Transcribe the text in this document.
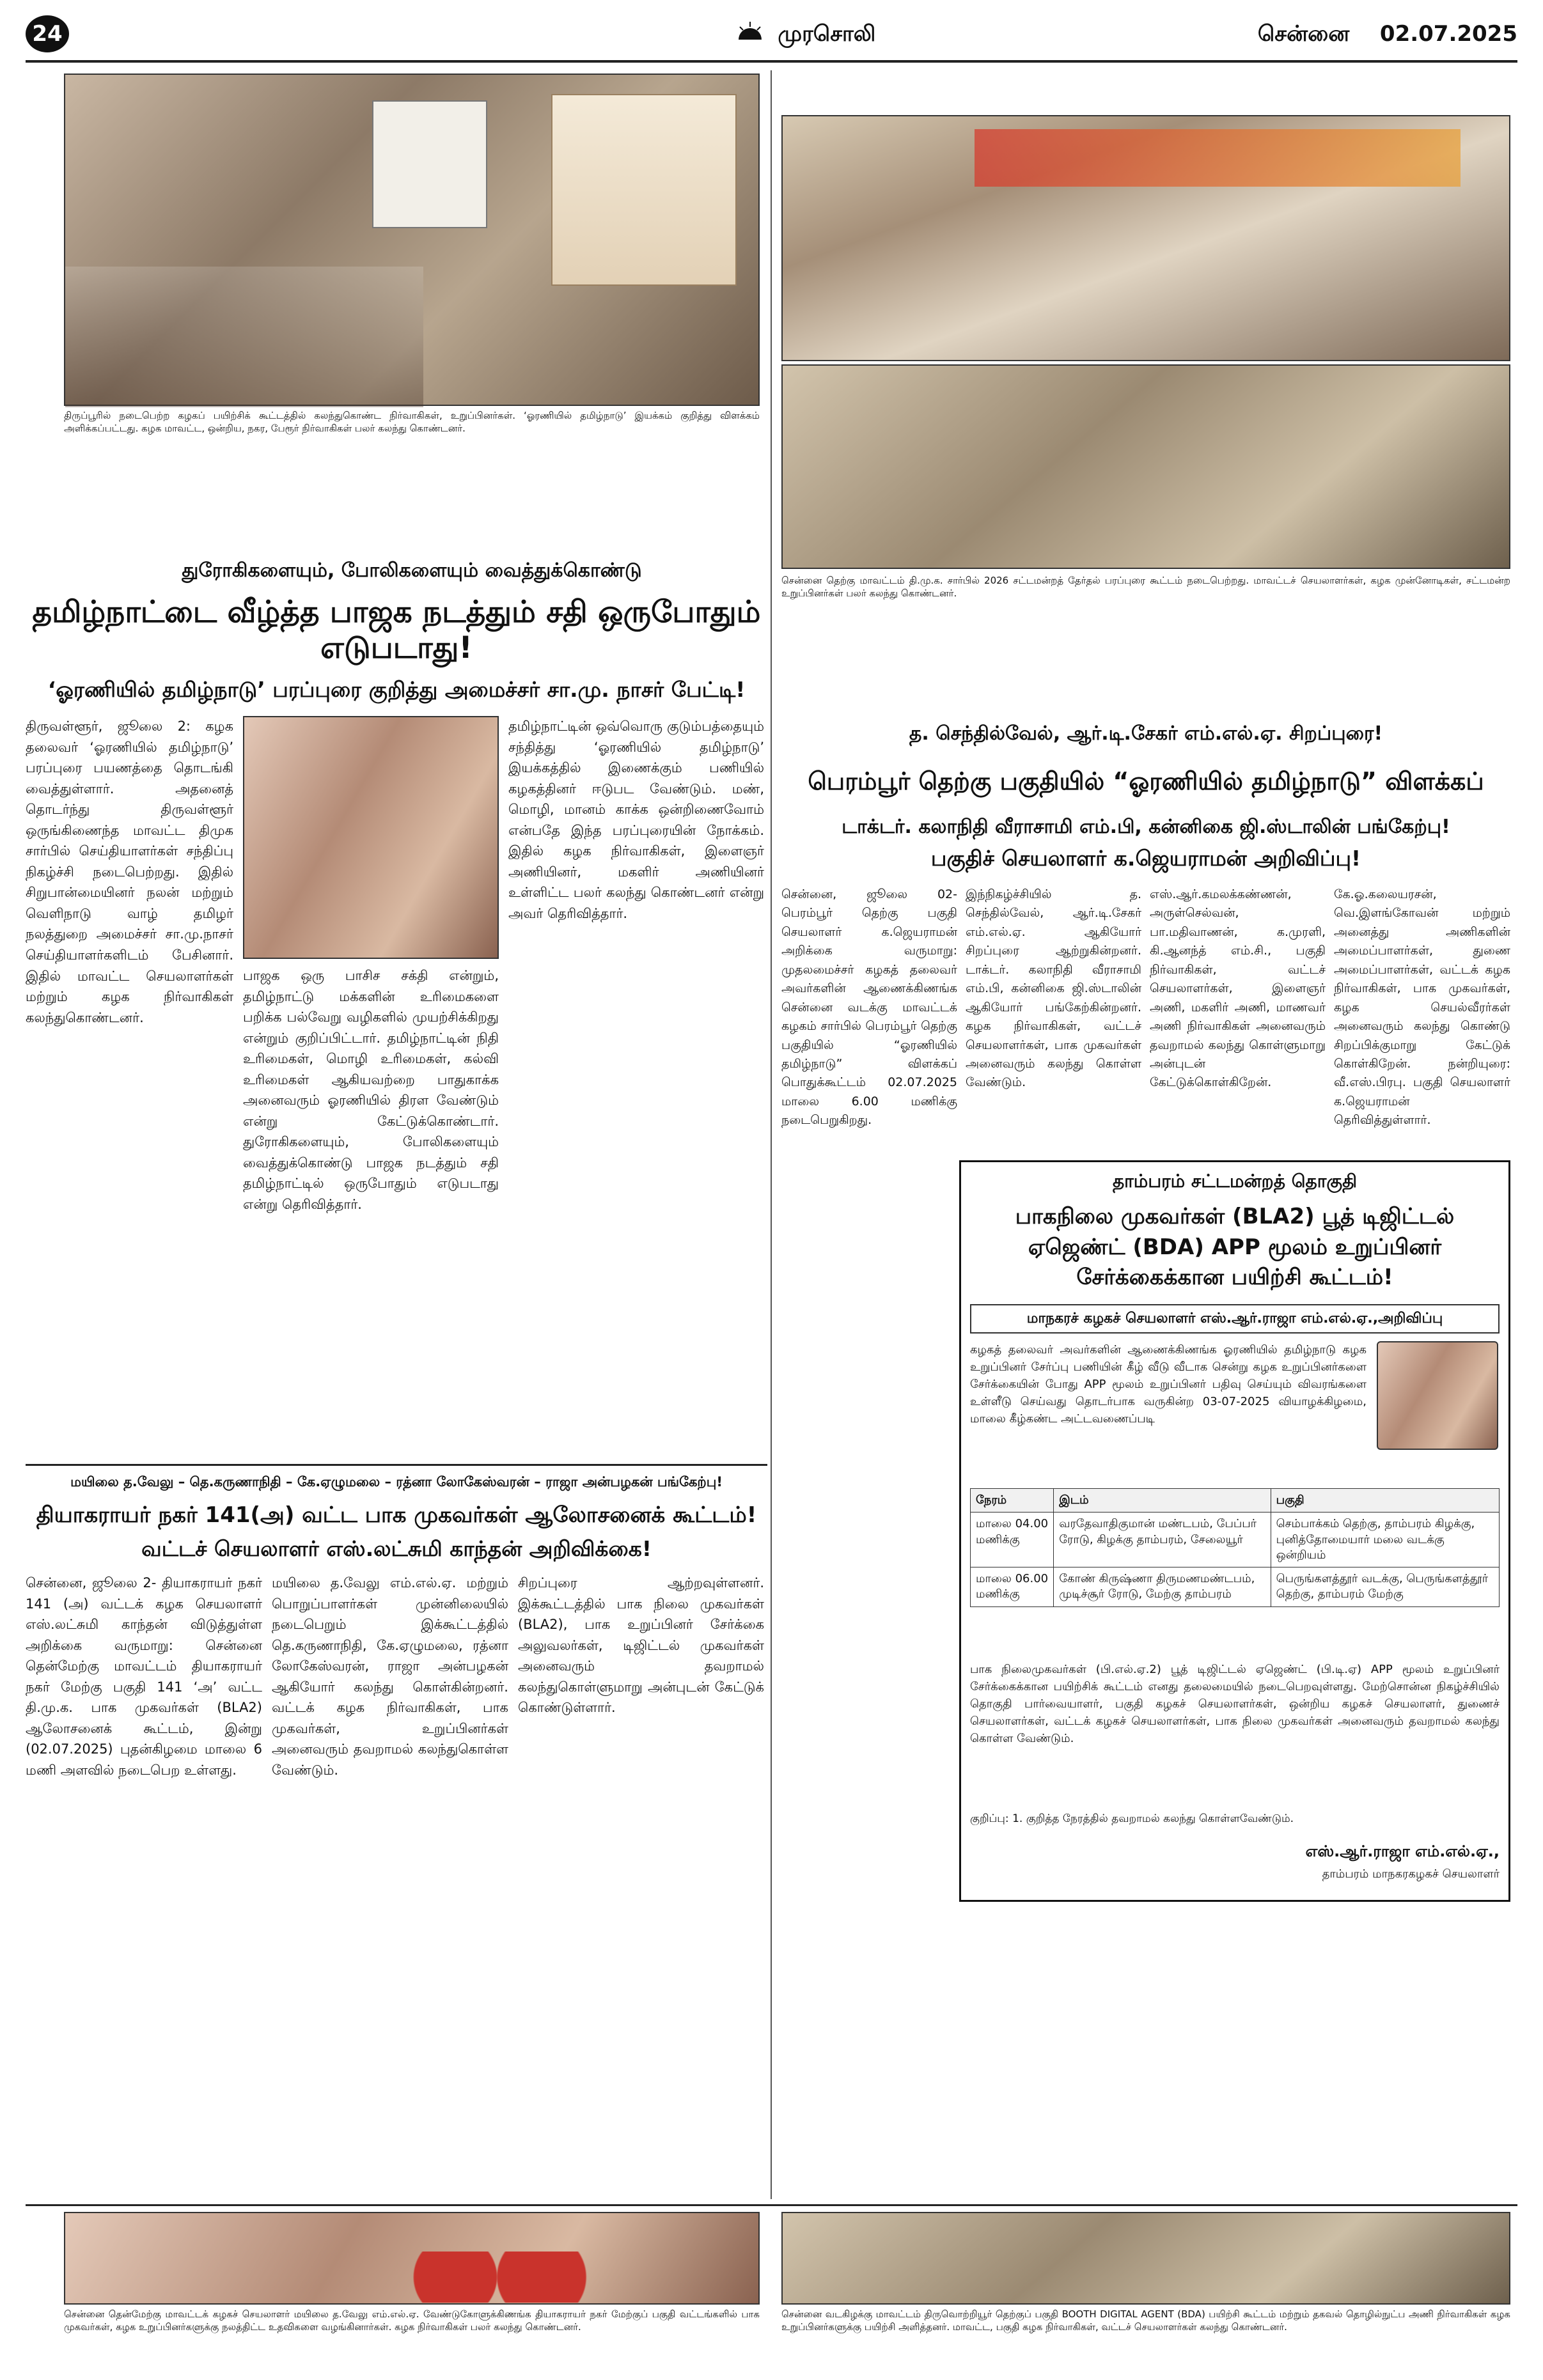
24	முரசொலி	சென்னை 02.07.2025
திருப்பூரில் நடைபெற்ற கழகப் பயிற்சிக் கூட்டத்தில் கலந்துகொண்ட நிர்வாகிகள், உறுப்பினர்கள். ‘ஓரணியில் தமிழ்நாடு’ இயக்கம் குறித்து விளக்கம் அளிக்கப்பட்டது. கழக மாவட்ட, ஒன்றிய, நகர, பேரூர் நிர்வாகிகள் பலர் கலந்து கொண்டனர்.
சென்னை தெற்கு மாவட்டம் தி.மு.க. சார்பில் 2026 சட்டமன்றத் தேர்தல் பரப்புரை கூட்டம் நடைபெற்றது. மாவட்டச் செயலாளர்கள், கழக முன்னோடிகள், சட்டமன்ற உறுப்பினர்கள் பலர் கலந்து கொண்டனர்.
துரோகிகளையும், போலிகளையும் வைத்துக்கொண்டு
தமிழ்நாட்டை வீழ்த்த பாஜக நடத்தும் சதி ஒருபோதும் எடுபடாது!
‘ஓரணியில் தமிழ்நாடு’ பரப்புரை குறித்து அமைச்சர் சா.மு. நாசர் பேட்டி!
திருவள்ளூர், ஜூலை 2: கழக தலைவர் ‘ஓரணியில் தமிழ்நாடு’ பரப்புரை பயணத்தை தொடங்கி வைத்துள்ளார். அதனைத் தொடர்ந்து திருவள்ளூர் ஒருங்கிணைந்த மாவட்ட திமுக சார்பில் செய்தியாளர்கள் சந்திப்பு நிகழ்ச்சி நடைபெற்றது. இதில் சிறுபான்மையினர் நலன் மற்றும் வெளிநாடு வாழ் தமிழர் நலத்துறை அமைச்சர் சா.மு.நாசர் செய்தியாளர்களிடம் பேசினார். இதில் மாவட்ட செயலாளர்கள் மற்றும் கழக நிர்வாகிகள் கலந்துகொண்டனர்.
பாஜக ஒரு பாசிச சக்தி என்றும், தமிழ்நாட்டு மக்களின் உரிமைகளை பறிக்க பல்வேறு வழிகளில் முயற்சிக்கிறது என்றும் குறிப்பிட்டார். தமிழ்நாட்டின் நிதி உரிமைகள், மொழி உரிமைகள், கல்வி உரிமைகள் ஆகியவற்றை பாதுகாக்க அனைவரும் ஓரணியில் திரள வேண்டும் என்று கேட்டுக்கொண்டார். துரோகிகளையும், போலிகளையும் வைத்துக்கொண்டு பாஜக நடத்தும் சதி தமிழ்நாட்டில் ஒருபோதும் எடுபடாது என்று தெரிவித்தார்.
தமிழ்நாட்டின் ஒவ்வொரு குடும்பத்தையும் சந்தித்து ‘ஓரணியில் தமிழ்நாடு’ இயக்கத்தில் இணைக்கும் பணியில் கழகத்தினர் ஈடுபட வேண்டும். மண், மொழி, மானம் காக்க ஒன்றிணைவோம் என்பதே இந்த பரப்புரையின் நோக்கம். இதில் கழக நிர்வாகிகள், இளைஞர் அணியினர், மகளிர் அணியினர் உள்ளிட்ட பலர் கலந்து கொண்டனர் என்று அவர் தெரிவித்தார்.
மயிலை த.வேலு – தெ.கருணாநிதி – கே.ஏழுமலை – ரத்னா லோகேஸ்வரன் – ராஜா அன்பழகன் பங்கேற்பு!
தியாகராயர் நகர் 141(அ) வட்ட பாக முகவர்கள் ஆலோசனைக் கூட்டம்!
வட்டச் செயலாளர் எஸ்.லட்சுமி காந்தன் அறிவிக்கை!
சென்னை, ஜூலை 2- தியாகராயர் நகர் 141 (அ) வட்டக் கழக செயலாளர் எஸ்.லட்சுமி காந்தன் விடுத்துள்ள அறிக்கை வருமாறு: சென்னை தென்மேற்கு மாவட்டம் தியாகராயர் நகர் மேற்கு பகுதி 141 ‘அ’ வட்ட தி.மு.க. பாக முகவர்கள் (BLA2) ஆலோசனைக் கூட்டம், இன்று (02.07.2025) புதன்கிழமை மாலை 6 மணி அளவில் நடைபெற உள்ளது.
மயிலை த.வேலு எம்.எல்.ஏ. மற்றும் பொறுப்பாளர்கள் முன்னிலையில் நடைபெறும் இக்கூட்டத்தில் தெ.கருணாநிதி, கே.ஏழுமலை, ரத்னா லோகேஸ்வரன், ராஜா அன்பழகன் ஆகியோர் கலந்து கொள்கின்றனர். வட்டக் கழக நிர்வாகிகள், பாக முகவர்கள், உறுப்பினர்கள் அனைவரும் தவறாமல் கலந்துகொள்ள வேண்டும்.
சிறப்புரை ஆற்றவுள்ளனர். இக்கூட்டத்தில் பாக நிலை முகவர்கள் (BLA2), பாக உறுப்பினர் சேர்க்கை அலுவலர்கள், டிஜிட்டல் முகவர்கள் அனைவரும் தவறாமல் கலந்துகொள்ளுமாறு அன்புடன் கேட்டுக் கொண்டுள்ளார்.
த. செந்தில்வேல், ஆர்.டி.சேகர் எம்.எல்.ஏ. சிறப்புரை!
பெரம்பூர் தெற்கு பகுதியில் “ஓரணியில் தமிழ்நாடு” விளக்கப்
டாக்டர். கலாநிதி வீராசாமி எம்.பி, கன்னிகை ஜி.ஸ்டாலின் பங்கேற்பு!
பகுதிச் செயலாளர் க.ஜெயராமன் அறிவிப்பு!
சென்னை, ஜூலை 02- பெரம்பூர் தெற்கு பகுதி செயலாளர் க.ஜெயராமன் அறிக்கை வருமாறு: முதலமைச்சர் கழகத் தலைவர் அவர்களின் ஆணைக்கிணங்க சென்னை வடக்கு மாவட்டக் கழகம் சார்பில் பெரம்பூர் தெற்கு பகுதியில் “ஓரணியில் தமிழ்நாடு” விளக்கப் பொதுக்கூட்டம் 02.07.2025 மாலை 6.00 மணிக்கு நடைபெறுகிறது.
இந்நிகழ்ச்சியில் த. செந்தில்வேல், ஆர்.டி.சேகர் எம்.எல்.ஏ. ஆகியோர் சிறப்புரை ஆற்றுகின்றனர். டாக்டர். கலாநிதி வீராசாமி எம்.பி, கன்னிகை ஜி.ஸ்டாலின் ஆகியோர் பங்கேற்கின்றனர். கழக நிர்வாகிகள், வட்டச் செயலாளர்கள், பாக முகவர்கள் அனைவரும் கலந்து கொள்ள வேண்டும்.
எஸ்.ஆர்.கமலக்கண்ணன், அருள்செல்வன், பா.மதிவாணன், க.முரளி, கி.ஆனந்த் எம்.சி., பகுதி நிர்வாகிகள், வட்டச் செயலாளர்கள், இளைஞர் அணி, மகளிர் அணி, மாணவர் அணி நிர்வாகிகள் அனைவரும் தவறாமல் கலந்து கொள்ளுமாறு அன்புடன் கேட்டுக்கொள்கிறேன்.
கே.ஓ.கலையரசன், வெ.இளங்கோவன் மற்றும் அனைத்து அணிகளின் அமைப்பாளர்கள், துணை அமைப்பாளர்கள், வட்டக் கழக நிர்வாகிகள், பாக முகவர்கள், கழக செயல்வீரர்கள் அனைவரும் கலந்து கொண்டு சிறப்பிக்குமாறு கேட்டுக் கொள்கிறேன். நன்றியுரை: வீ.எஸ்.பிரபு. பகுதி செயலாளர் க.ஜெயராமன் தெரிவித்துள்ளார்.
தாம்பரம் சட்டமன்றத் தொகுதி
பாகநிலை முகவர்கள் (BLA2) பூத் டிஜிட்டல் ஏஜெண்ட் (BDA) APP மூலம் உறுப்பினர் சேர்க்கைக்கான பயிற்சி கூட்டம்!
மாநகரச் கழகச் செயலாளர் எஸ்.ஆர்.ராஜா எம்.எல்.ஏ.,அறிவிப்பு
கழகத் தலைவர் அவர்களின் ஆணைக்கிணங்க ஓரணியில் தமிழ்நாடு கழக உறுப்பினர் சேர்ப்பு பணியின் கீழ் வீடு வீடாக சென்று கழக உறுப்பினர்களை சேர்க்கையின் போது APP மூலம் உறுப்பினர் பதிவு செய்யும் விவரங்களை உள்ளீடு செய்வது தொடர்பாக வருகின்ற 03-07-2025 வியாழக்கிழமை, மாலை கீழ்கண்ட அட்டவணைப்படி
நேரம்	இடம்	பகுதி
மாலை 04.00 மணிக்கு	வரதேவாதிகுமான் மண்டபம், பேப்பர் ரோடு, கிழக்கு தாம்பரம், சேலையூர்	செம்பாக்கம் தெற்கு, தாம்பரம் கிழக்கு, புனித்தோமையார் மலை வடக்கு ஒன்றியம்
மாலை 06.00 மணிக்கு	கோண் கிருஷ்ணா திருமணமண்டபம், முடிச்சூர் ரோடு, மேற்கு தாம்பரம்	பெருங்களத்தூர் வடக்கு, பெருங்களத்தூர் தெற்கு, தாம்பரம் மேற்கு
பாக நிலைமுகவர்கள் (பி.எல்.ஏ.2) பூத் டிஜிட்டல் ஏஜெண்ட் (பி.டி.ஏ) APP மூலம் உறுப்பினர் சேர்க்கைக்கான பயிற்சிக் கூட்டம் எனது தலைமையில் நடைபெறவுள்ளது. மேற்சொன்ன நிகழ்ச்சியில் தொகுதி பார்வையாளர், பகுதி கழகச் செயலாளர்கள், ஒன்றிய கழகச் செயலாளர், துணைச் செயலாளர்கள், வட்டக் கழகச் செயலாளர்கள், பாக நிலை முகவர்கள் அனைவரும் தவறாமல் கலந்து கொள்ள வேண்டும்.
குறிப்பு: 1. குறித்த நேரத்தில் தவறாமல் கலந்து கொள்ளவேண்டும்.
எஸ்.ஆர்.ராஜா எம்.எல்.ஏ.,
தாம்பரம் மாநகரகழகச் செயலாளர்
சென்னை தென்மேற்கு மாவட்டக் கழகச் செயலாளர் மயிலை த.வேலு எம்.எல்.ஏ. வேண்டுகோளுக்கிணங்க தியாகராயர் நகர் மேற்குப் பகுதி வட்டங்களில் பாக முகவர்கள், கழக உறுப்பினர்களுக்கு நலத்திட்ட உதவிகளை வழங்கினார்கள். கழக நிர்வாகிகள் பலர் கலந்து கொண்டனர்.
சென்னை வடகிழக்கு மாவட்டம் திருவொற்றியூர் தெற்குப் பகுதி BOOTH DIGITAL AGENT (BDA) பயிற்சி கூட்டம் மற்றும் தகவல் தொழில்நுட்ப அணி நிர்வாகிகள் கழக உறுப்பினர்களுக்கு பயிற்சி அளித்தனர். மாவட்ட, பகுதி கழக நிர்வாகிகள், வட்டச் செயலாளர்கள் கலந்து கொண்டனர்.
